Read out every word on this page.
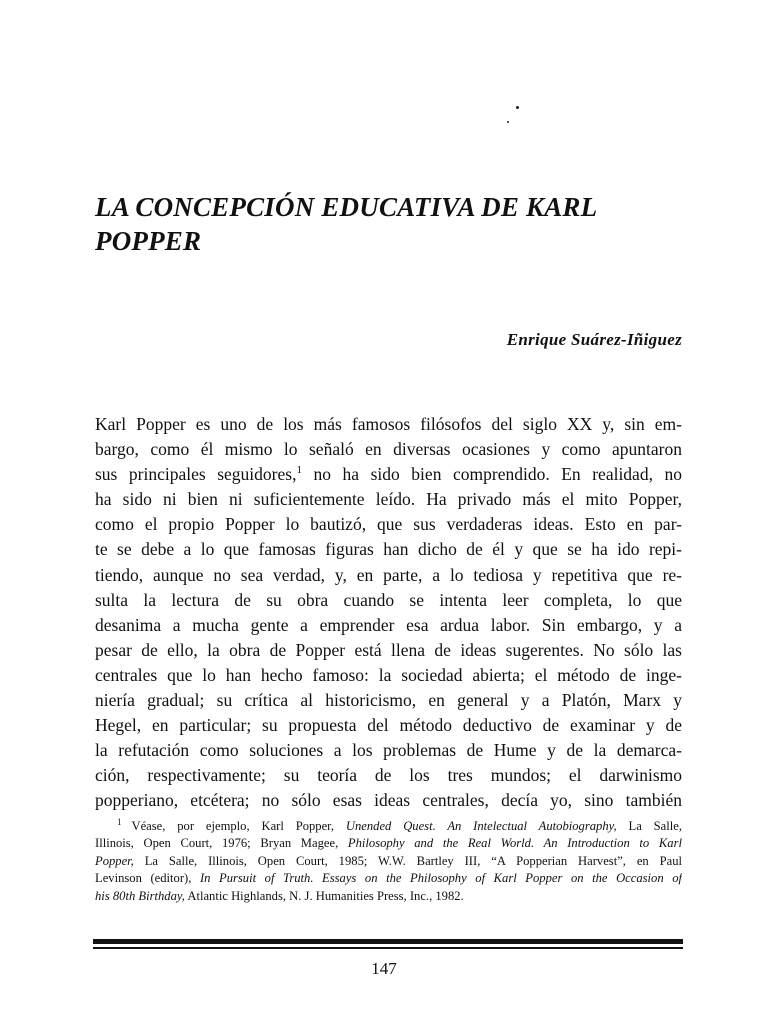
LA CONCEPCIÓN EDUCATIVA DE KARL
POPPER
Enrique Suárez-Iñiguez
Karl Popper es uno de los más famosos filósofos del siglo XX y, sin em-
bargo, como él mismo lo señaló en diversas ocasiones y como apuntaron
sus principales seguidores,$^1$ no ha sido bien comprendido. En realidad, no
ha sido ni bien ni suficientemente leído. Ha privado más el mito Popper,
como el propio Popper lo bautizó, que sus verdaderas ideas. Esto en par-
te se debe a lo que famosas figuras han dicho de él y que se ha ido repi-
tiendo, aunque no sea verdad, y, en parte, a lo tediosa y repetitiva que re-
sulta la lectura de su obra cuando se intenta leer completa, lo que
desanima a mucha gente a emprender esa ardua labor. Sin embargo, y a
pesar de ello, la obra de Popper está llena de ideas sugerentes. No sólo las
centrales que lo han hecho famoso: la sociedad abierta; el método de inge-
niería gradual; su crítica al historicismo, en general y a Platón, Marx y
Hegel, en particular; su propuesta del método deductivo de examinar y de
la refutación como soluciones a los problemas de Hume y de la demarca-
ción, respectivamente; su teoría de los tres mundos; el darwinismo
popperiano, etcétera; no sólo esas ideas centrales, decía yo, sino también
$^1$ Véase, por ejemplo, Karl Popper, Unended Quest. An Intelectual Autobiography, La Salle,
Illinois, Open Court, 1976; Bryan Magee, Philosophy and the Real World. An Introduction to Karl
Popper, La Salle, Illinois, Open Court, 1985; W.W. Bartley III, “A Popperian Harvest”, en Paul
Levinson (editor), In Pursuit of Truth. Essays on the Philosophy of Karl Popper on the Occasion of
his 80th Birthday, Atlantic Highlands, N. J. Humanities Press, Inc., 1982.
147
